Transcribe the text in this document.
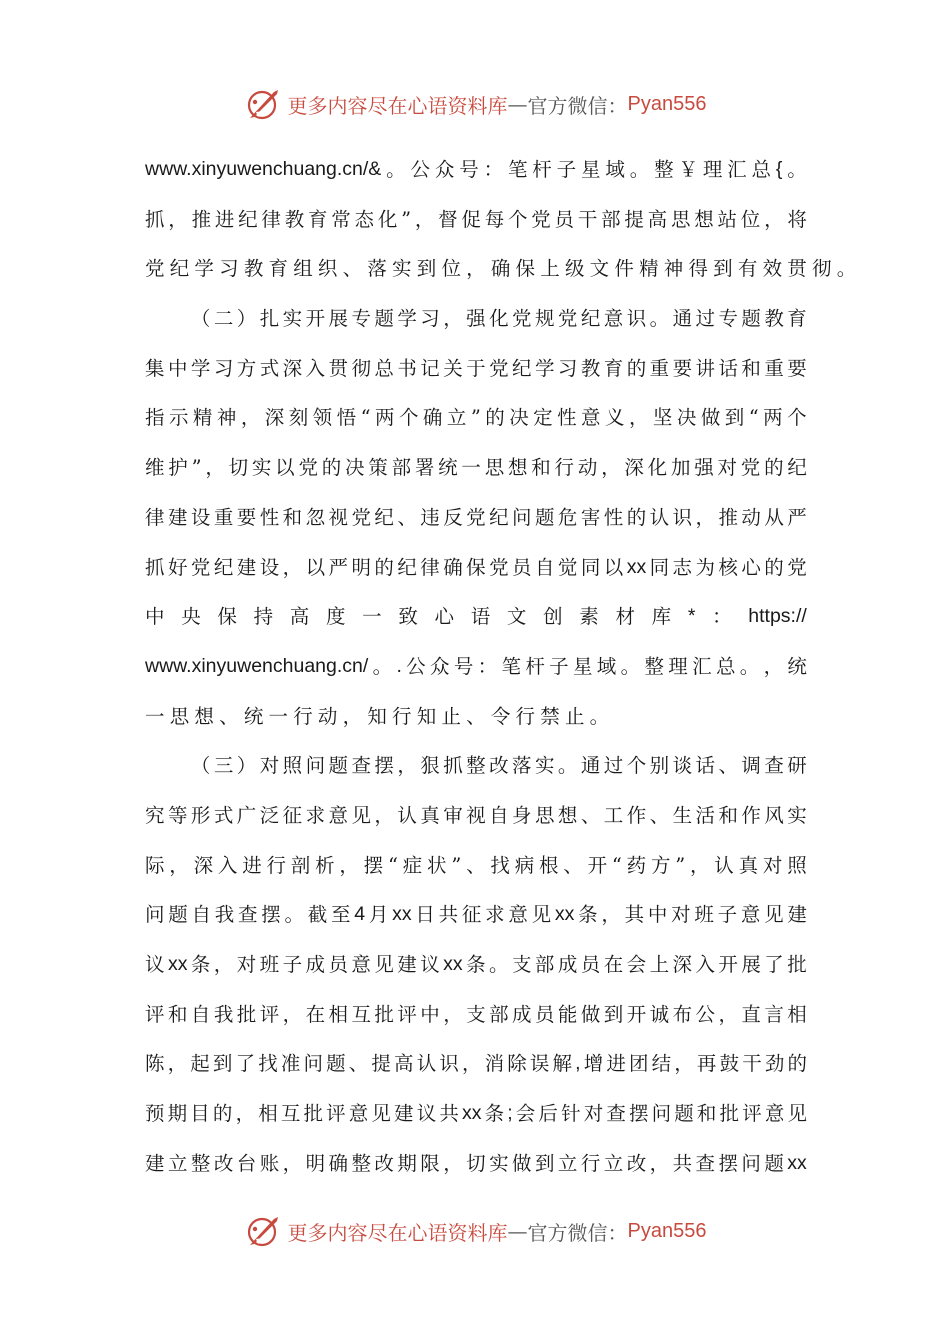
更多内容尽在心语资料库 — 官方微信： Pyan556
www.xinyuwenchuang.cn/& 。 公 众 号 ： 笔 杆 子 星 域 。 整 ￥ 理 汇 总 { 。
抓 ， 推 进 纪 律 教 育 常 态 化 ” ， 督 促 每 个 党 员 干 部 提 高 思 想 站 位 ， 将
党 纪 学 习 教 育 组 织 、 落 实 到 位 ， 确 保 上 级 文 件 精 神 得 到 有 效 贯 彻 。

（ 二 ） 扎 实 开 展 专 题 学 习 ， 强 化 党 规 党 纪 意 识 。 通 过 专 题 教 育
集 中 学 习 方 式 深 入 贯 彻 总 书 记 关 于 党 纪 学 习 教 育 的 重 要 讲 话 和 重 要
指 示 精 神 ， 深 刻 领 悟 “ 两 个 确 立 ” 的 决 定 性 意 义 ， 坚 决 做 到 “ 两 个
维 护 ” ， 切 实 以 党 的 决 策 部 署 统 一 思 想 和 行 动 ， 深 化 加 强 对 党 的 纪
律 建 设 重 要 性 和 忽 视 党 纪 、 违 反 党 纪 问 题 危 害 性 的 认 识 ， 推 动 从 严
抓 好 党 纪 建 设 ， 以 严 明 的 纪 律 确 保 党 员 自 觉 同 以 xx 同 志 为 核 心 的 党
中 央 保 持 高 度 一 致 心 语 文 创 素 材 库 * ： https://
www.xinyuwenchuang.cn/ 。 . 公 众 号 ： 笔 杆 子 星 域 。 整 理 汇 总 。 ， 统
一 思 想 、 统 一 行 动 ， 知 行 知 止 、 令 行 禁 止 。

（ 三 ） 对 照 问 题 查 摆 ， 狠 抓 整 改 落 实 。 通 过 个 别 谈 话 、 调 查 研
究 等 形 式 广 泛 征 求 意 见 ， 认 真 审 视 自 身 思 想 、 工 作 、 生 活 和 作 风 实
际 ， 深 入 进 行 剖 析 ， 摆 “ 症 状 ” 、 找 病 根 、 开 “ 药 方 ” ， 认 真 对 照
问 题 自 我 查 摆 。 截 至 4 月 xx 日 共 征 求 意 见 xx 条 ， 其 中 对 班 子 意 见 建
议 xx 条 ， 对 班 子 成 员 意 见 建 议 xx 条 。 支 部 成 员 在 会 上 深 入 开 展 了 批
评 和 自 我 批 评 ， 在 相 互 批 评 中 ， 支 部 成 员 能 做 到 开 诚 布 公 ， 直 言 相
陈 ， 起 到 了 找 准 问 题 、 提 高 认 识 ， 消 除 误 解 , 增 进 团 结 ， 再 鼓 干 劲 的
预 期 目 的 ， 相 互 批 评 意 见 建 议 共 xx 条 ; 会 后 针 对 查 摆 问 题 和 批 评 意 见
建 立 整 改 台 账 ， 明 确 整 改 期 限 ， 切 实 做 到 立 行 立 改 ， 共 查 摆 问 题 xx
更多内容尽在心语资料库 — 官方微信： Pyan556
